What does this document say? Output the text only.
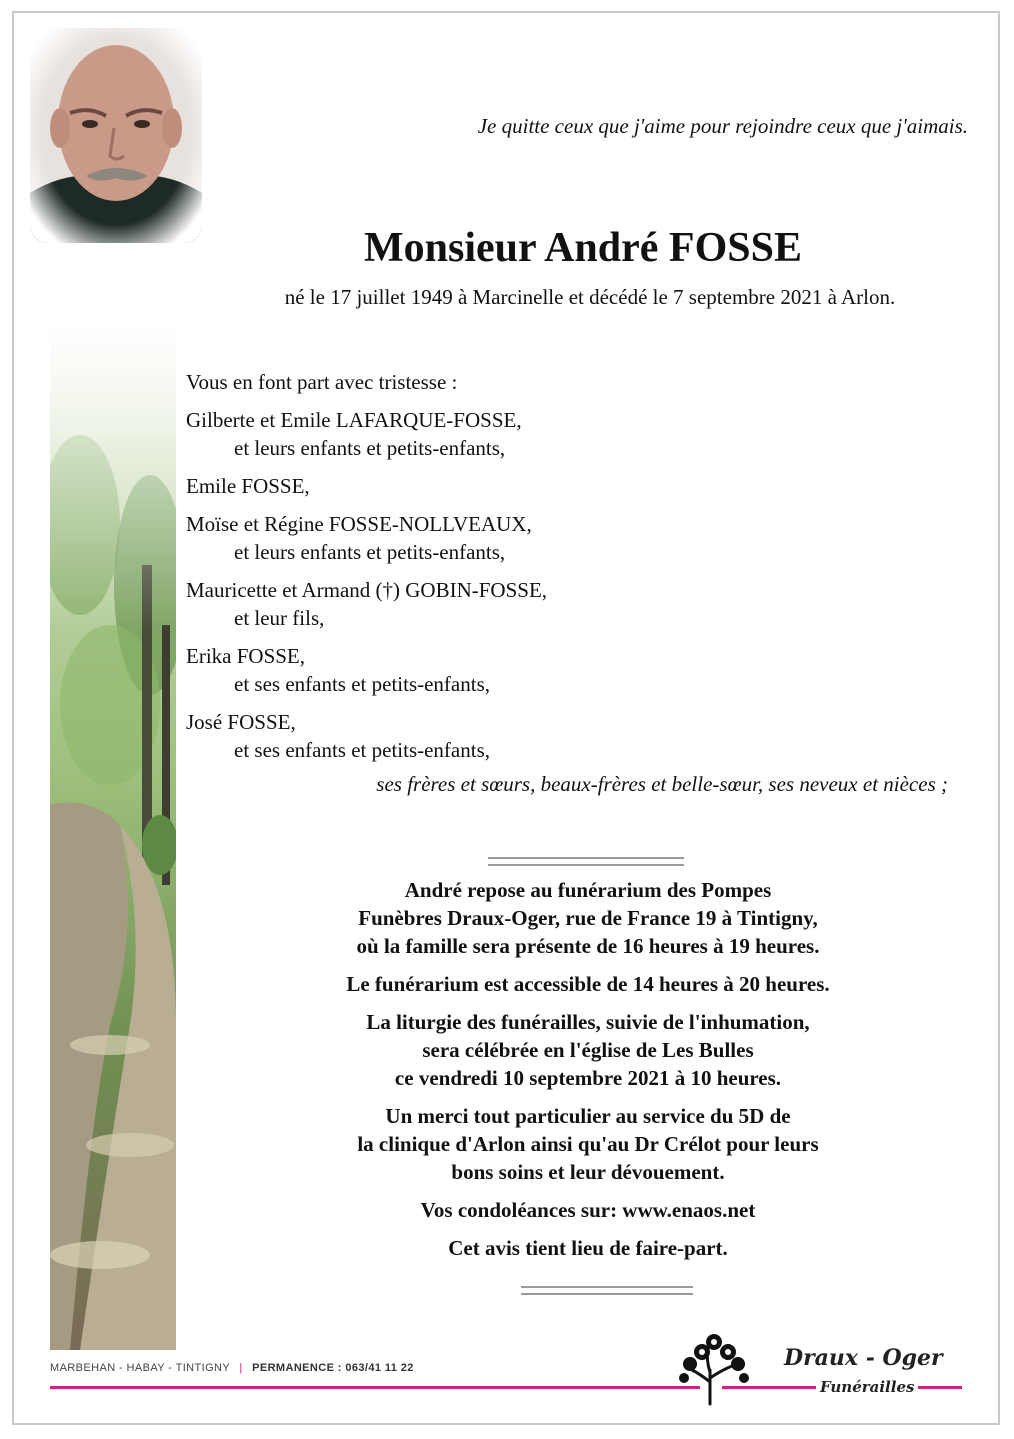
Je quitte ceux que j'aime pour rejoindre ceux que j'aimais.
Monsieur André FOSSE
né le 17 juillet 1949 à Marcinelle et décédé le 7 septembre 2021 à Arlon.
Vous en font part avec tristesse :
Gilberte et Emile LAFARQUE-FOSSE,
et leurs enfants et petits-enfants,
Emile FOSSE,
Moïse et Régine FOSSE-NOLLVEAUX,
et leurs enfants et petits-enfants,
Mauricette et Armand (†) GOBIN-FOSSE,
et leur fils,
Erika FOSSE,
et ses enfants et petits-enfants,
José FOSSE,
et ses enfants et petits-enfants,
ses frères et sœurs, beaux-frères et belle-sœur, ses neveux et nièces ;

André repose au funérarium des Pompes
Funèbres Draux-Oger, rue de France 19 à Tintigny,
où la famille sera présente de 16 heures à 19 heures.

Le funérarium est accessible de 14 heures à 20 heures.

La liturgie des funérailles, suivie de l'inhumation,
sera célébrée en l'église de Les Bulles
ce vendredi 10 septembre 2021 à 10 heures.

Un merci tout particulier au service du 5D de
la clinique d'Arlon ainsi qu'au Dr Crélot pour leurs
bons soins et leur dévouement.

Vos condoléances sur: www.enaos.net

Cet avis tient lieu de faire-part.

MARBEHAN - HABAY - TINTIGNY | PERMANENCE : 063/41 11 22	Draux - Oger
Funérailles
